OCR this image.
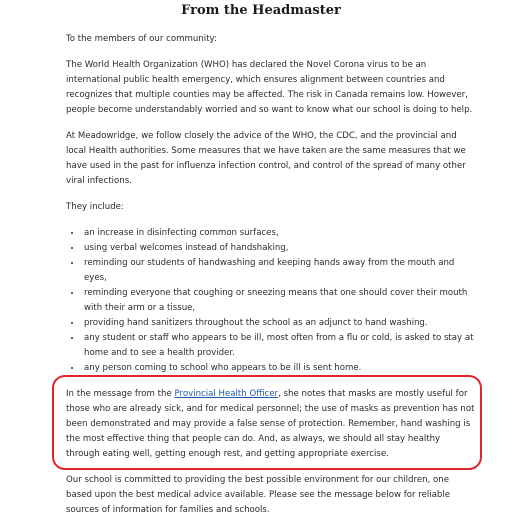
From the Headmaster

To the members of our community:

The World Health Organization (WHO) has declared the Novel Corona virus to be an international public health emergency, which ensures alignment between countries and recognizes that multiple counties may be affected. The risk in Canada remains low. However, people become understandably worried and so want to know what our school is doing to help.

At Meadowridge, we follow closely the advice of the WHO, the CDC, and the provincial and local Health authorities. Some measures that we have taken are the same measures that we have used in the past for influenza infection control, and control of the spread of many other viral infections.

They include:

• an increase in disinfecting common surfaces,
• using verbal welcomes instead of handshaking,
• reminding our students of handwashing and keeping hands away from the mouth and eyes,
• reminding everyone that coughing or sneezing means that one should cover their mouth with their arm or a tissue,
• providing hand sanitizers throughout the school as an adjunct to hand washing.
• any student or staff who appears to be ill, most often from a flu or cold, is asked to stay at home and to see a health provider.
• any person coming to school who appears to be ill is sent home.

In the message from the Provincial Health Officer, she notes that masks are mostly useful for those who are already sick, and for medical personnel; the use of masks as prevention has not been demonstrated and may provide a false sense of protection. Remember, hand washing is the most effective thing that people can do. And, as always, we should all stay healthy through eating well, getting enough rest, and getting appropriate exercise.

Our school is committed to providing the best possible environment for our children, one based upon the best medical advice available. Please see the message below for reliable sources of information for families and schools.
